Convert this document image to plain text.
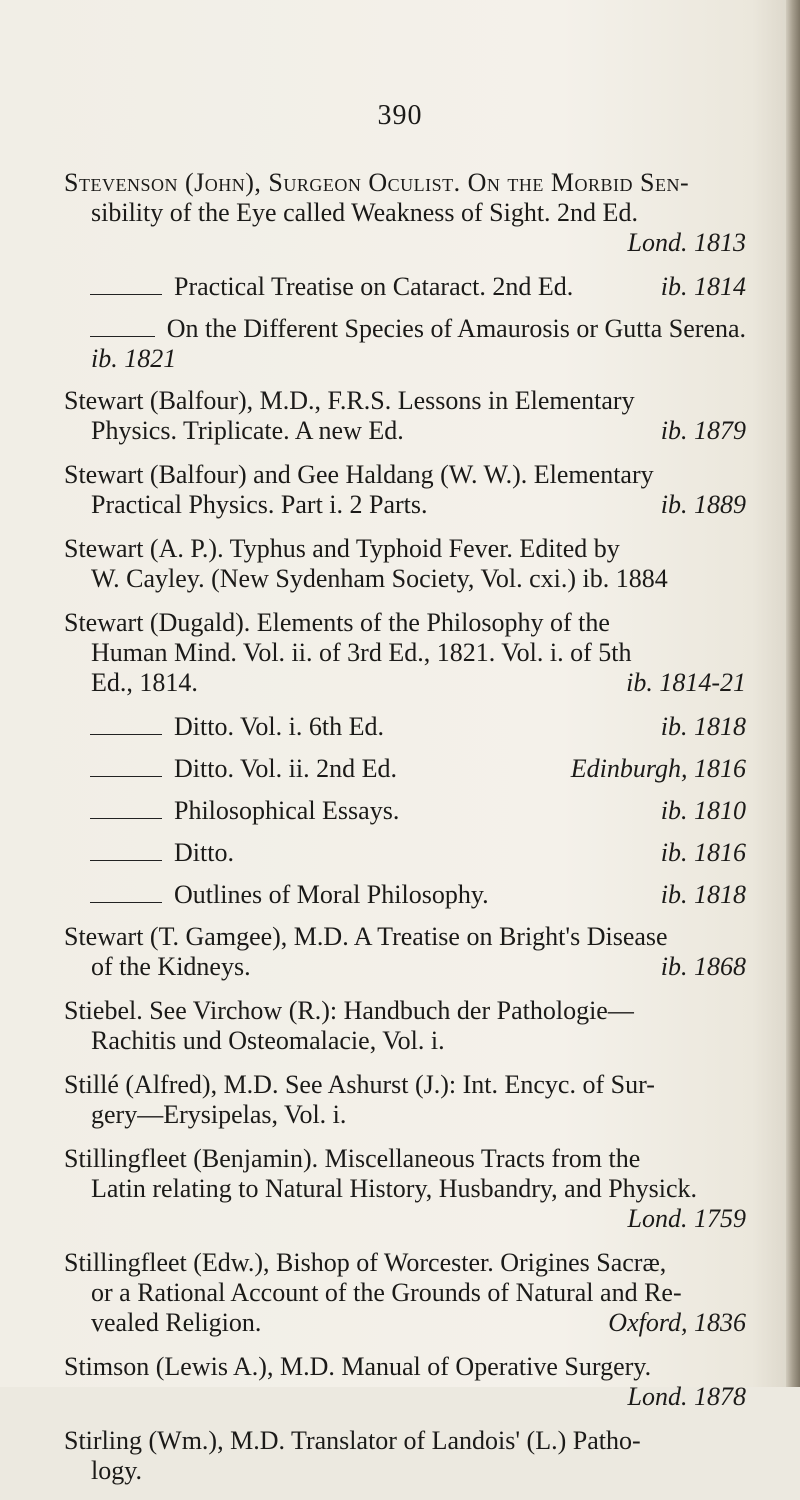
390
Stevenson (John), Surgeon Oculist. On the Morbid Sen-
sibility of the Eye called Weakness of Sight. 2nd Ed.
Lond. 1813
Practical Treatise on Cataract. 2nd Ed.	ib. 1814
On the Different Species of Amaurosis or Gutta Serena.
ib. 1821
Stewart (Balfour), M.D., F.R.S. Lessons in Elementary
Physics. Triplicate. A new Ed.	ib. 1879
Stewart (Balfour) and Gee Haldang (W. W.). Elementary
Practical Physics. Part i. 2 Parts.	ib. 1889
Stewart (A. P.). Typhus and Typhoid Fever. Edited by
W. Cayley. (New Sydenham Society, Vol. cxi.) ib. 1884
Stewart (Dugald). Elements of the Philosophy of the
Human Mind. Vol. ii. of 3rd Ed., 1821. Vol. i. of 5th
Ed., 1814.	ib. 1814-21
Ditto. Vol. i. 6th Ed.	ib. 1818
Ditto. Vol. ii. 2nd Ed.	Edinburgh, 1816
Philosophical Essays.	ib. 1810
Ditto.	ib. 1816
Outlines of Moral Philosophy.	ib. 1818
Stewart (T. Gamgee), M.D. A Treatise on Bright's Disease
of the Kidneys.	ib. 1868
Stiebel. See Virchow (R.): Handbuch der Pathologie—
Rachitis und Osteomalacie, Vol. i.
Stillé (Alfred), M.D. See Ashurst (J.): Int. Encyc. of Sur-
gery—Erysipelas, Vol. i.
Stillingfleet (Benjamin). Miscellaneous Tracts from the
Latin relating to Natural History, Husbandry, and Physick.
Lond. 1759
Stillingfleet (Edw.), Bishop of Worcester. Origines Sacræ,
or a Rational Account of the Grounds of Natural and Re-
vealed Religion.	Oxford, 1836
Stimson (Lewis A.), M.D. Manual of Operative Surgery.
Lond. 1878
Stirling (Wm.), M.D. Translator of Landois' (L.) Patho-
logy.
